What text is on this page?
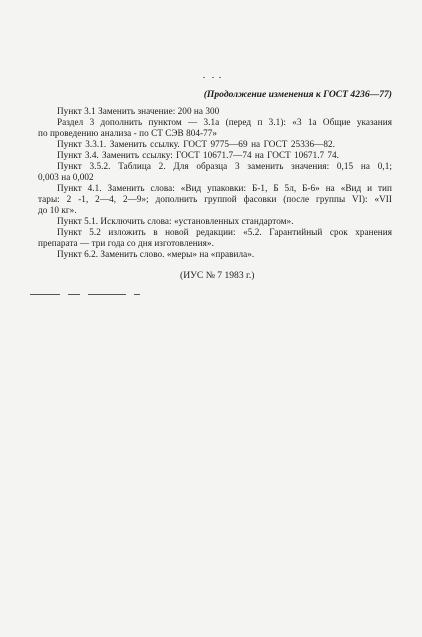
(Продолжение изменения к ГОСТ 4236—77)
Пункт 3.1 Заменить значение: 200 на 300
Раздел 3 дополнить пунктом — 3.1а (перед п 3.1): «3 1а Общие указания
по проведению анализа - по СТ СЭВ 804-77»
Пункт 3.3.1. Заменить ссылку. ГОСТ 9775—69 на ГОСТ 25336—82.
Пункт 3.4. Заменить ссылку: ГОСТ 10671.7—74 на ГОСТ 10671.7 74.
Пункт 3.5.2. Таблица 2. Для образца 3 заменить значения: 0,15 на 0,1;
0,003 на 0,002
Пункт 4.1. Заменить слова: «Вид упаковки: Б-1, Б 5л, Б-6» на «Вид и тип
тары: 2 -1, 2—4, 2—9»; дополнить группой фасовки (после группы VI): «VII
до 10 кг».
Пункт 5.1. Исключить слова: «установленных стандартом».
Пункт 5.2 изложить в новой редакции: «5.2. Гарантийный срок хранения
препарата — три года со дня изготовления».
Пункт 6.2. Заменить слово. «меры» на «правила».
(ИУС № 7 1983 г.)
